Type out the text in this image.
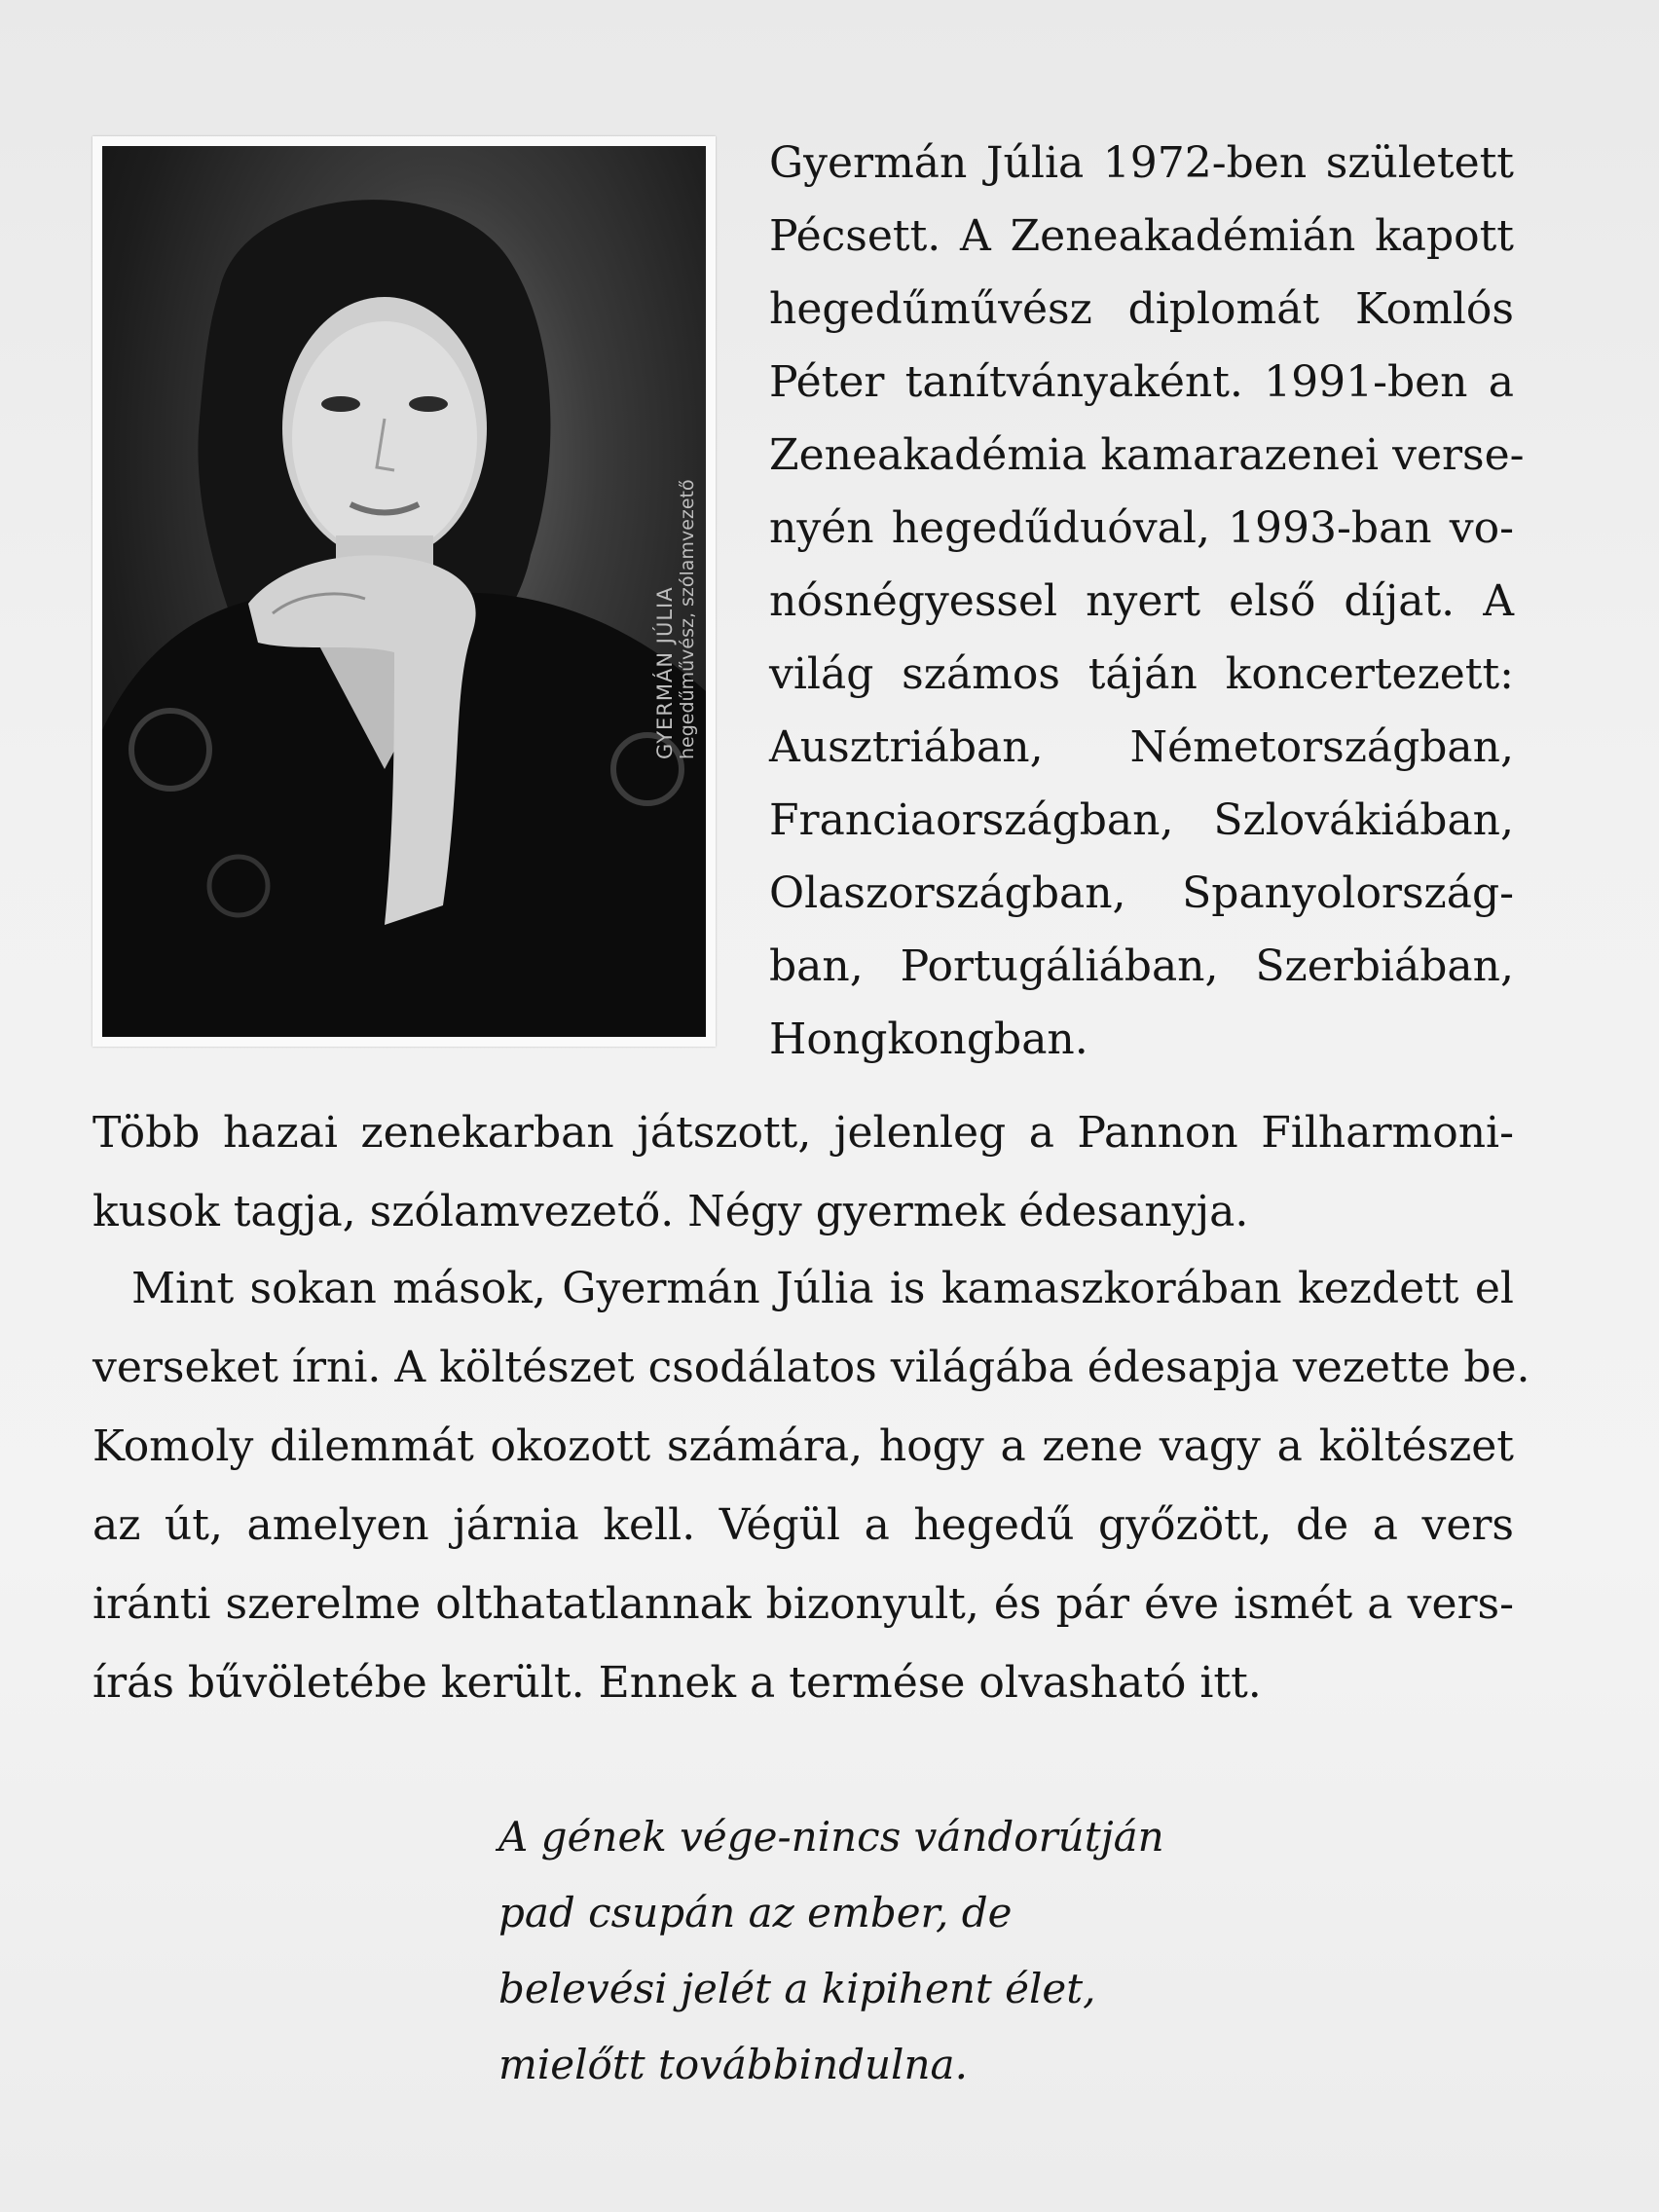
GYERMÁN JÚLIA hegedűművész, szólamvezető
Gyermán Júlia 1972-ben született
Pécsett. A Zeneakadémián kapott
hegedűművész diplomát Komlós
Péter tanítványaként. 1991-ben a
Zeneakadémia kamarazenei verse-
nyén hegedűduóval, 1993-ban vo-
nósnégyessel nyert első díjat. A
világ számos táján koncertezett:
Ausztriában, Németországban,
Franciaországban, Szlovákiában,
Olaszországban, Spanyolország-
ban, Portugáliában, Szerbiában,
Hongkongban.
Több hazai zenekarban játszott, jelenleg a Pannon Filharmoni-
kusok tagja, szólamvezető. Négy gyermek édesanyja.
Mint sokan mások, Gyermán Júlia is kamaszkorában kezdett el
verseket írni. A költészet csodálatos világába édesapja vezette be.
Komoly dilemmát okozott számára, hogy a zene vagy a költészet
az út, amelyen járnia kell. Végül a hegedű győzött, de a vers
iránti szerelme olthatatlannak bizonyult, és pár éve ismét a vers-
írás bűvöletébe került. Ennek a termése olvasható itt.
A gének vége-nincs vándorútján
pad csupán az ember, de
belevési jelét a kipihent élet,
mielőtt továbbindulna.
